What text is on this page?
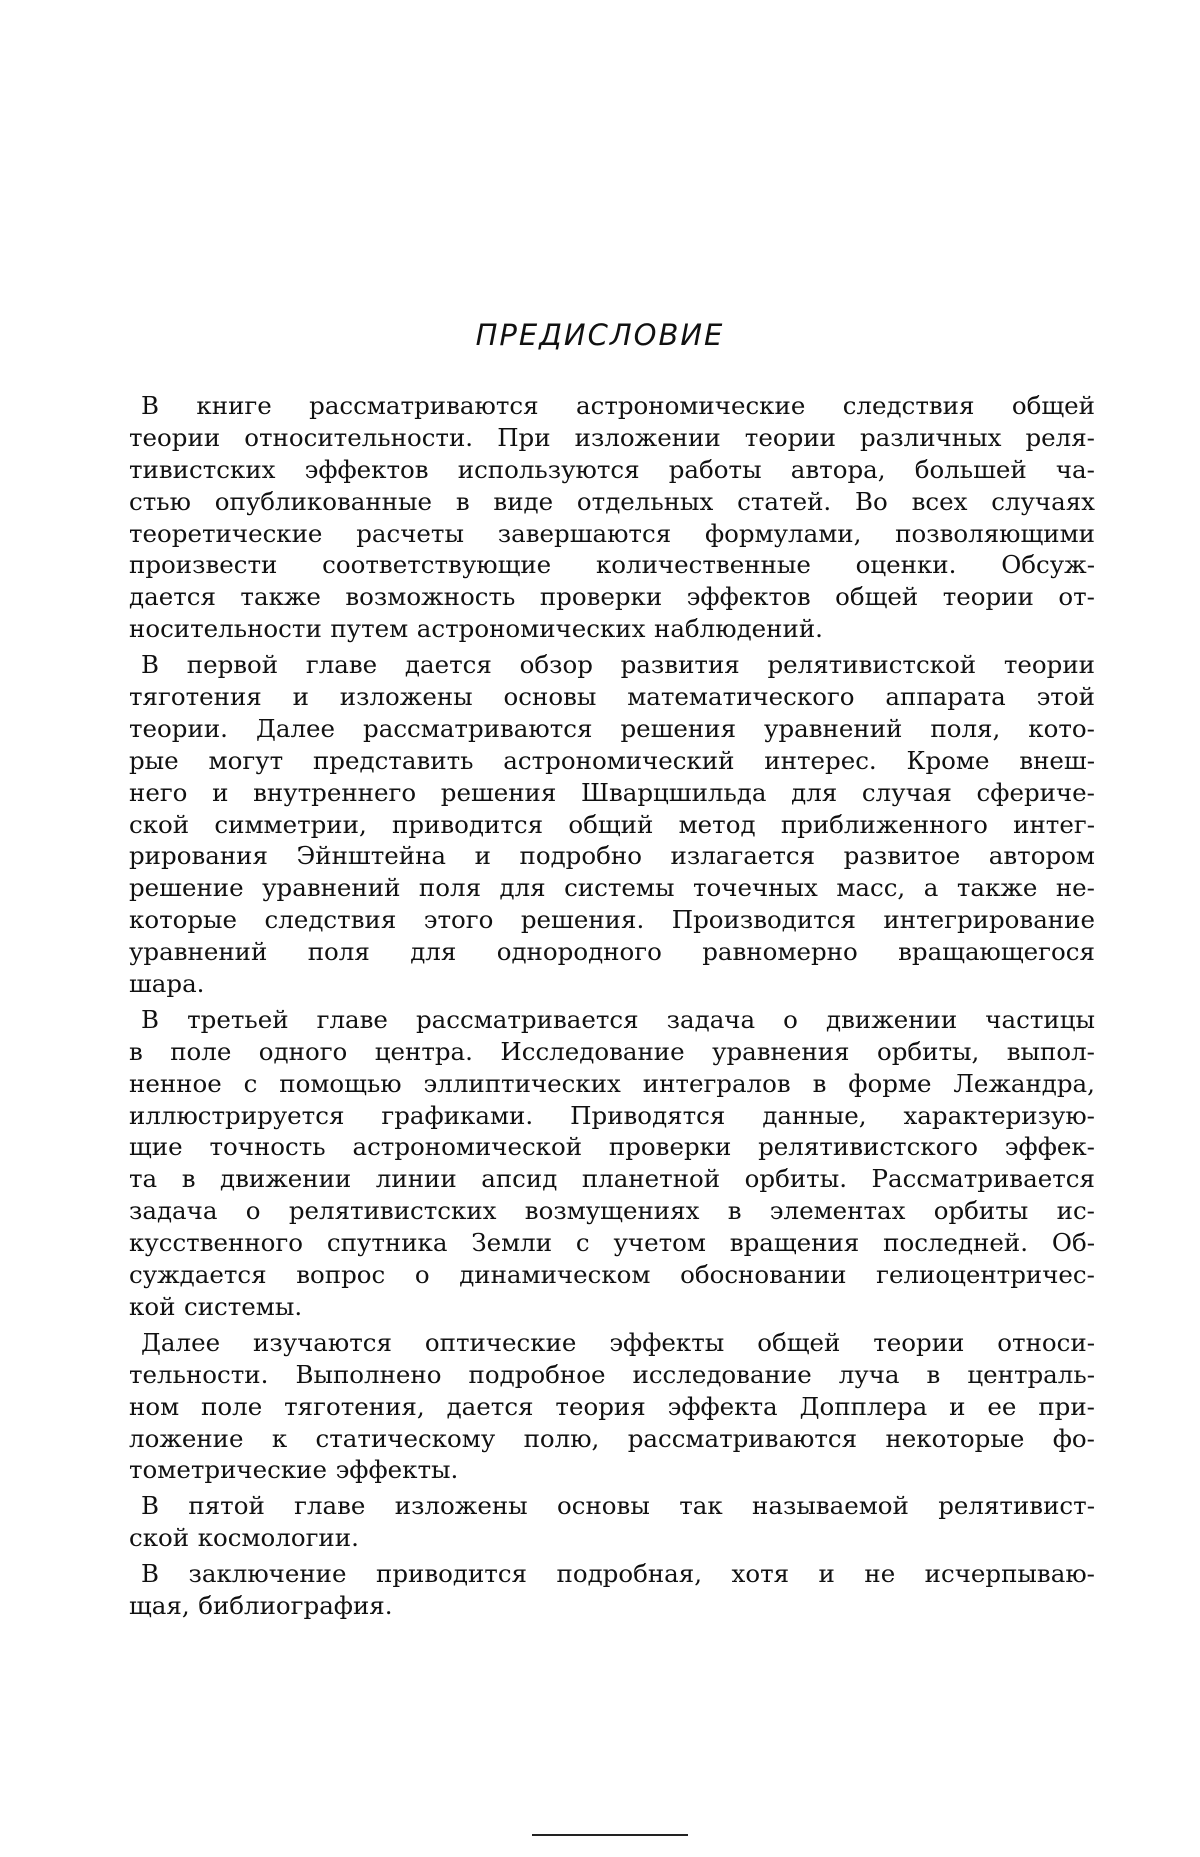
ПРЕДИСЛОВИЕ
В книге рассматриваются астрономические следствия общей
теории относительности. При изложении теории различных реля-
тивистских эффектов используются работы автора, большей ча-
стью опубликованные в виде отдельных статей. Во всех случаях
теоретические расчеты завершаются формулами, позволяющими
произвести соответствующие количественные оценки. Обсуж-
дается также возможность проверки эффектов общей теории от-
носительности путем астрономических наблюдений.
В первой главе дается обзор развития релятивистской теории
тяготения и изложены основы математического аппарата этой
теории. Далее рассматриваются решения уравнений поля, кото-
рые могут представить астрономический интерес. Кроме внеш-
него и внутреннего решения Шварцшильда для случая сфериче-
ской симметрии, приводится общий метод приближенного интег-
рирования Эйнштейна и подробно излагается развитое автором
решение уравнений поля для системы точечных масс, а также не-
которые следствия этого решения. Производится интегрирование
уравнений поля для однородного равномерно вращающегося
шара.
В третьей главе рассматривается задача о движении частицы
в поле одного центра. Исследование уравнения орбиты, выпол-
ненное с помощью эллиптических интегралов в форме Лежандра,
иллюстрируется графиками. Приводятся данные, характеризую-
щие точность астрономической проверки релятивистского эффек-
та в движении линии апсид планетной орбиты. Рассматривается
задача о релятивистских возмущениях в элементах орбиты ис-
кусственного спутника Земли с учетом вращения последней. Об-
суждается вопрос о динамическом обосновании гелиоцентричес-
кой системы.
Далее изучаются оптические эффекты общей теории относи-
тельности. Выполнено подробное исследование луча в централь-
ном поле тяготения, дается теория эффекта Допплера и ее при-
ложение к статическому полю, рассматриваются некоторые фо-
тометрические эффекты.
В пятой главе изложены основы так называемой релятивист-
ской космологии.
В заключение приводится подробная, хотя и не исчерпываю-
щая, библиография.
